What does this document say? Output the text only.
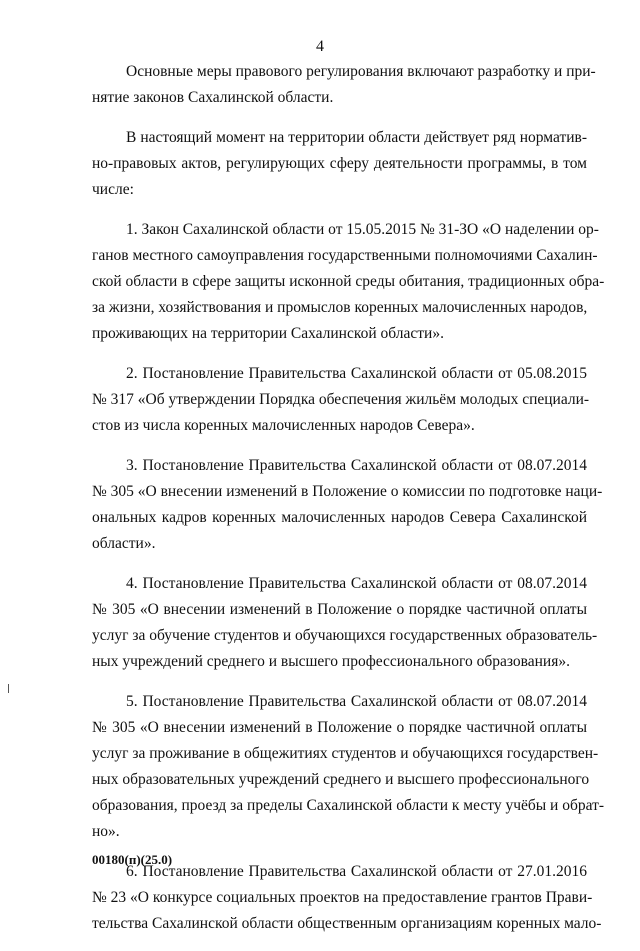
4
Основные меры правового регулирования включают разработку и при-
нятие законов Сахалинской области.
В настоящий момент на территории области действует ряд норматив-
но-правовых актов, регулирующих сферу деятельности программы, в том
числе:
1. Закон Сахалинской области от 15.05.2015 № 31-ЗО «О наделении ор-
ганов местного самоуправления государственными полномочиями Сахалин-
ской области в сфере защиты исконной среды обитания, традиционных обра-
за жизни, хозяйствования и промыслов коренных малочисленных народов,
проживающих на территории Сахалинской области».
2. Постановление Правительства Сахалинской области от 05.08.2015
№ 317 «Об утверждении Порядка обеспечения жильём молодых специали-
стов из числа коренных малочисленных народов Севера».
3. Постановление Правительства Сахалинской области от 08.07.2014
№ 305 «О внесении изменений в Положение о комиссии по подготовке наци-
ональных кадров коренных малочисленных народов Севера Сахалинской
области».
4. Постановление Правительства Сахалинской области от 08.07.2014
№ 305 «О внесении изменений в Положение о порядке частичной оплаты
услуг за обучение студентов и обучающихся государственных образователь-
ных учреждений среднего и высшего профессионального образования».
5. Постановление Правительства Сахалинской области от 08.07.2014
№ 305 «О внесении изменений в Положение о порядке частичной оплаты
услуг за проживание в общежитиях студентов и обучающихся государствен-
ных образовательных учреждений среднего и высшего профессионального
образования, проезд за пределы Сахалинской области к месту учёбы и обрат-
но».
6. Постановление Правительства Сахалинской области от 27.01.2016
№ 23 «О конкурсе социальных проектов на предоставление грантов Прави-
тельства Сахалинской области общественным организациям коренных мало-
00180(п)(25.0)
